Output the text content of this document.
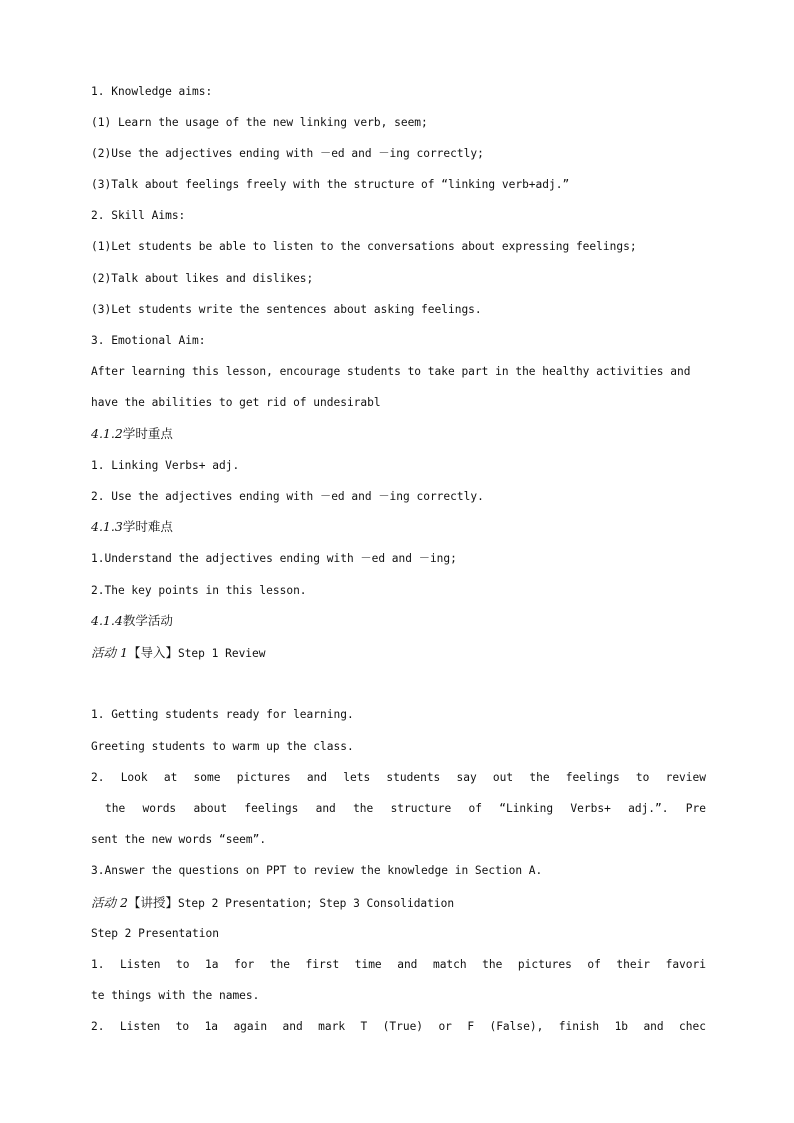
1. Knowledge aims:
(1) Learn the usage of the new linking verb, seem;
(2)Use the adjectives ending with －ed and －ing correctly;
(3)Talk about feelings freely with the structure of “linking verb+adj.”
2. Skill Aims:
(1)Let students be able to listen to the conversations about expressing feelings;
(2)Talk about likes and dislikes;
(3)Let students write the sentences about asking feelings.
3. Emotional Aim:
After learning this lesson, encourage students to take part in the healthy activities and
have the abilities to get rid of undesirabl
4.1.2学时重点
1. Linking Verbs+ adj.
2. Use the adjectives ending with －ed and －ing correctly.
4.1.3学时难点
1.Understand the adjectives ending with －ed and －ing;
2.The key points in this lesson.
4.1.4教学活动
活动 1【导入】Step 1 Review
1. Getting students ready for learning.
Greeting students to warm up the class.
2. Look at some pictures and lets students say out the feelings to review
the words about feelings and the structure of “Linking Verbs+ adj.”. Pre
sent the new words “seem”.
3.Answer the questions on PPT to review the knowledge in Section A.
活动 2【讲授】Step 2 Presentation; Step 3 Consolidation
Step 2 Presentation
1. Listen to 1a for the first time and match the pictures of their favori
te things with the names.
2. Listen to 1a again and mark T (True) or F (False), finish 1b and chec
